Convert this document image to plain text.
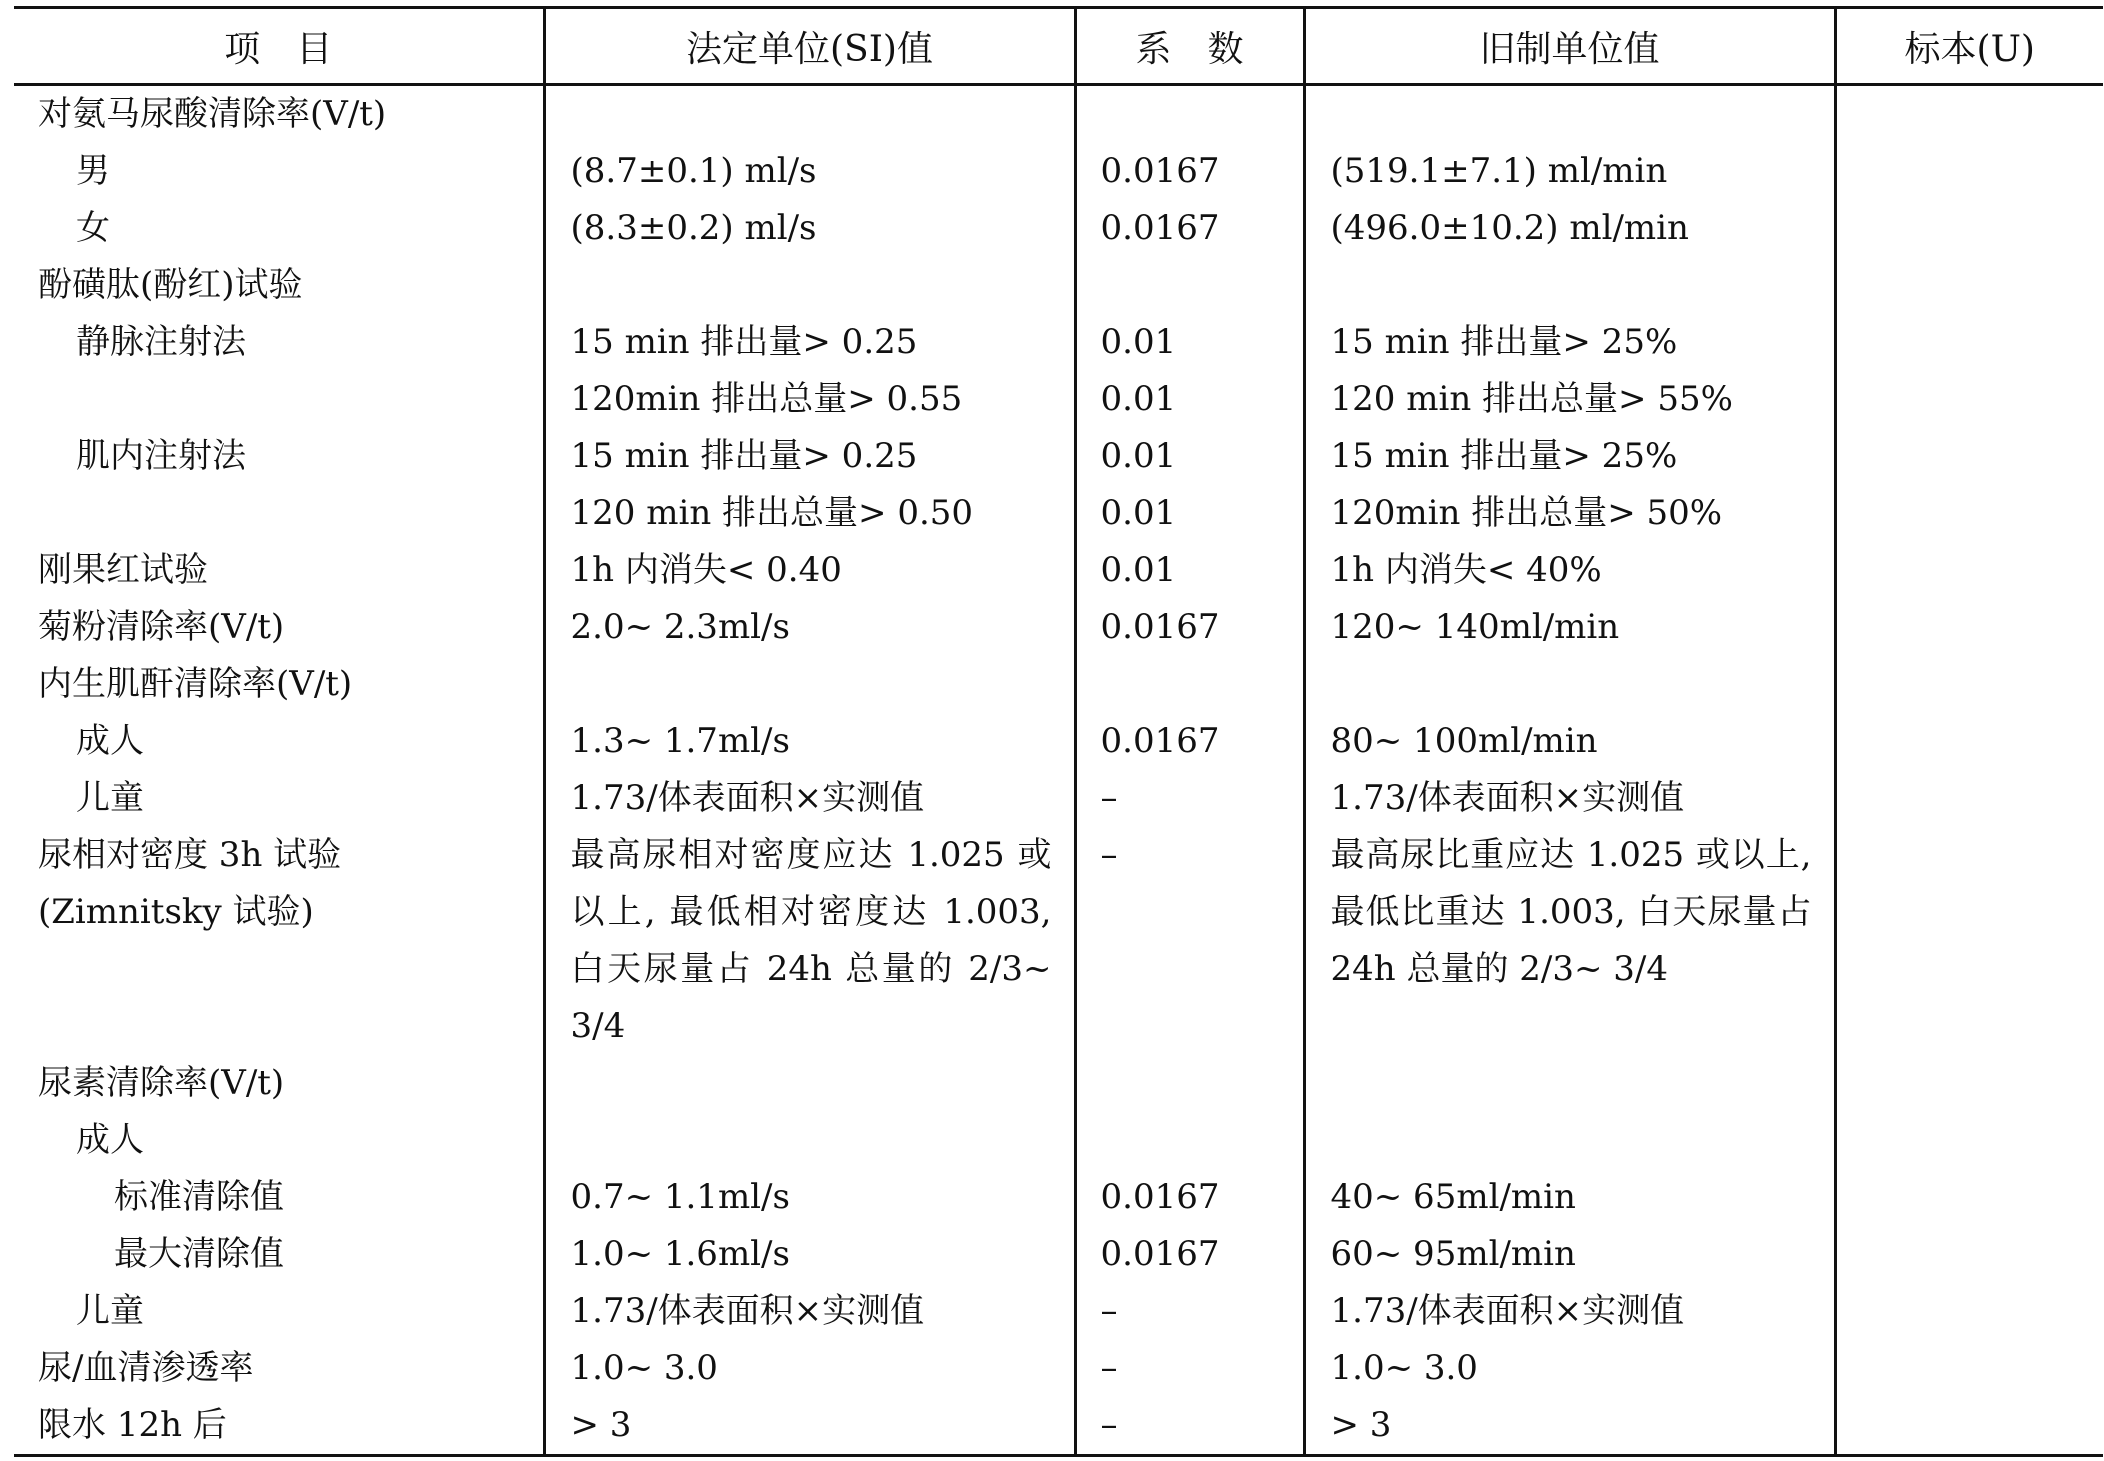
项　目	法定单位(SI)值	系　数	旧制单位值	标本(U)
对氨马尿酸清除率(V/t)				
男	(8.7±0.1) ml/s	0.0167	(519.1±7.1) ml/min	
女	(8.3±0.2) ml/s	0.0167	(496.0±10.2) ml/min	
酚磺肽(酚红)试验				
静脉注射法	15 min 排出量> 0.25	0.01	15 min 排出量> 25%	
	120min 排出总量> 0.55	0.01	120 min 排出总量> 55%	
肌内注射法	15 min 排出量> 0.25	0.01	15 min 排出量> 25%	
	120 min 排出总量> 0.50	0.01	120min 排出总量> 50%	
刚果红试验	1h 内消失< 0.40	0.01	1h 内消失< 40%	
菊粉清除率(V/t)	2.0~ 2.3ml/s	0.0167	120~ 140ml/min	
内生肌酐清除率(V/t)				
成人	1.3~ 1.7ml/s	0.0167	80~ 100ml/min	
儿童	1.73/体表面积×实测值	–	1.73/体表面积×实测值	
尿相对密度 3h 试验
(Zimnitsky 试验)	最高尿相对密度应达 1.025 或以上, 最低相对密度达 1.003, 白天尿量占 24h 总量的 2/3~ 3/4	–	最高尿比重应达 1.025 或以上, 最低比重达 1.003, 白天尿量占 24h 总量的 2/3~ 3/4	
尿素清除率(V/t)				
成人				
标准清除值	0.7~ 1.1ml/s	0.0167	40~ 65ml/min	
最大清除值	1.0~ 1.6ml/s	0.0167	60~ 95ml/min	
儿童	1.73/体表面积×实测值	–	1.73/体表面积×实测值	
尿/血清渗透率	1.0~ 3.0	–	1.0~ 3.0	
限水 12h 后	> 3	–	> 3	
